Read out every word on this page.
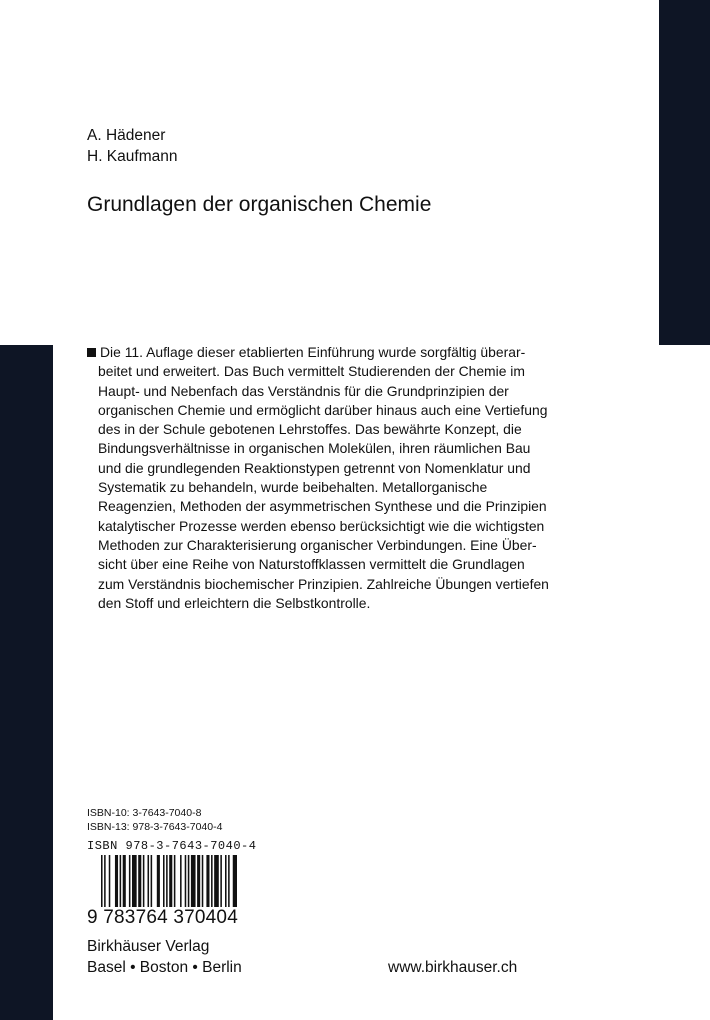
A. Hädener
H. Kaufmann
Grundlagen der organischen Chemie
Die 11. Auflage dieser etablierten Einführung wurde sorgfältig überar-
beitet und erweitert. Das Buch vermittelt Studierenden der Chemie im
Haupt- und Nebenfach das Verständnis für die Grundprinzipien der
organischen Chemie und ermöglicht darüber hinaus auch eine Vertiefung
des in der Schule gebotenen Lehrstoffes. Das bewährte Konzept, die
Bindungsverhältnisse in organischen Molekülen, ihren räumlichen Bau
und die grundlegenden Reaktionstypen getrennt von Nomenklatur und
Systematik zu behandeln, wurde beibehalten. Metallorganische
Reagenzien, Methoden der asymmetrischen Synthese und die Prinzipien
katalytischer Prozesse werden ebenso berücksichtigt wie die wichtigsten
Methoden zur Charakterisierung organischer Verbindungen. Eine Über-
sicht über eine Reihe von Naturstoffklassen vermittelt die Grundlagen
zum Verständnis biochemischer Prinzipien. Zahlreiche Übungen vertiefen
den Stoff und erleichtern die Selbstkontrolle.
ISBN-10: 3-7643-7040-8
ISBN-13: 978-3-7643-7040-4
ISBN 978-3-7643-7040-4
9 783764 370404
Birkhäuser Verlag
Basel • Boston • Berlin	www.birkhauser.ch
